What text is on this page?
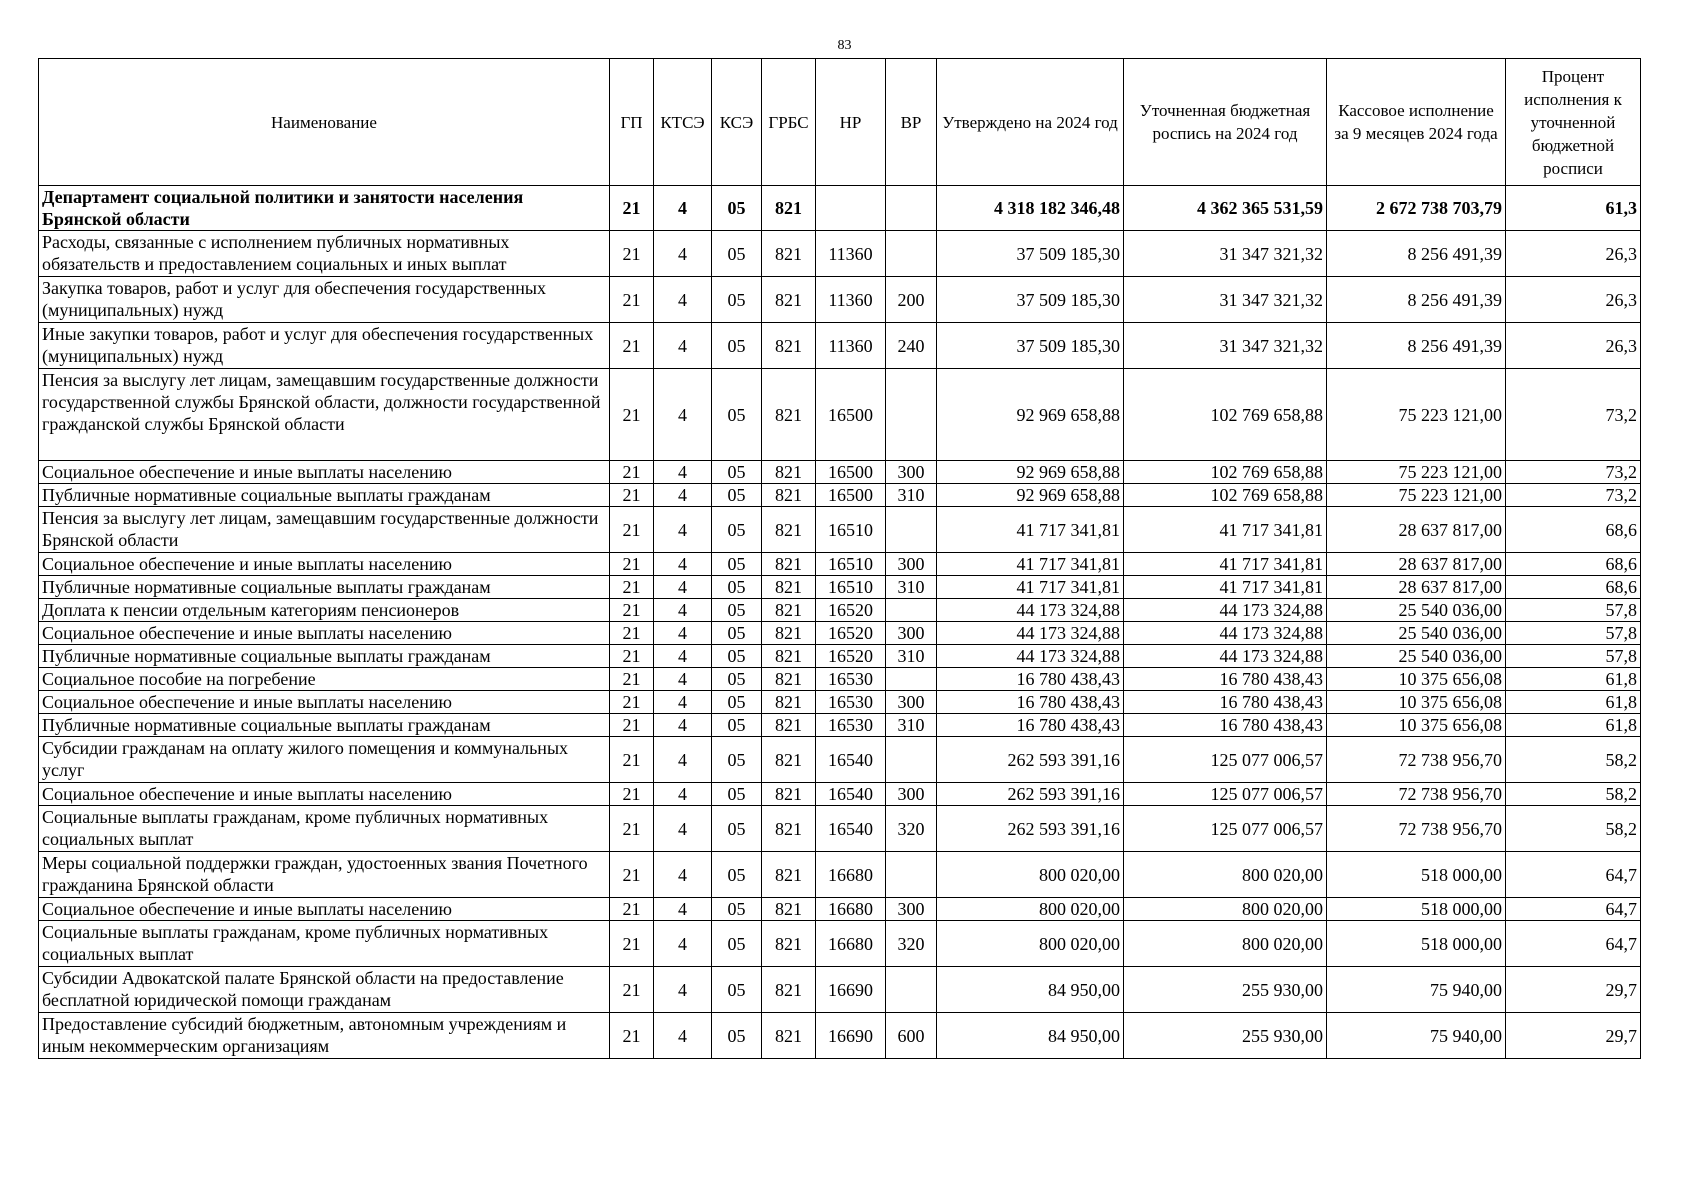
83
Наименование	ГП	КТСЭ	КСЭ	ГРБС	НР	ВР	Утверждено на 2024 год	Уточненная бюджетная роспись на 2024 год	Кассовое исполнение за 9 месяцев 2024 года	Процент исполнения к уточненной бюджетной росписи
Департамент социальной политики и занятости населения Брянской области	21	4	05	821			4 318 182 346,48	4 362 365 531,59	2 672 738 703,79	61,3
Расходы, связанные с исполнением публичных нормативных обязательств и предоставлением социальных и иных выплат	21	4	05	821	11360		37 509 185,30	31 347 321,32	8 256 491,39	26,3
Закупка товаров, работ и услуг для обеспечения государственных (муниципальных) нужд	21	4	05	821	11360	200	37 509 185,30	31 347 321,32	8 256 491,39	26,3
Иные закупки товаров, работ и услуг для обеспечения государственных (муниципальных) нужд	21	4	05	821	11360	240	37 509 185,30	31 347 321,32	8 256 491,39	26,3
Пенсия за выслугу лет лицам, замещавшим государственные должности государственной службы Брянской области, должности государственной гражданской службы Брянской области	21	4	05	821	16500		92 969 658,88	102 769 658,88	75 223 121,00	73,2
Социальное обеспечение и иные выплаты населению	21	4	05	821	16500	300	92 969 658,88	102 769 658,88	75 223 121,00	73,2
Публичные нормативные социальные выплаты гражданам	21	4	05	821	16500	310	92 969 658,88	102 769 658,88	75 223 121,00	73,2
Пенсия за выслугу лет лицам, замещавшим государственные должности Брянской области	21	4	05	821	16510		41 717 341,81	41 717 341,81	28 637 817,00	68,6
Социальное обеспечение и иные выплаты населению	21	4	05	821	16510	300	41 717 341,81	41 717 341,81	28 637 817,00	68,6
Публичные нормативные социальные выплаты гражданам	21	4	05	821	16510	310	41 717 341,81	41 717 341,81	28 637 817,00	68,6
Доплата к пенсии отдельным категориям пенсионеров	21	4	05	821	16520		44 173 324,88	44 173 324,88	25 540 036,00	57,8
Социальное обеспечение и иные выплаты населению	21	4	05	821	16520	300	44 173 324,88	44 173 324,88	25 540 036,00	57,8
Публичные нормативные социальные выплаты гражданам	21	4	05	821	16520	310	44 173 324,88	44 173 324,88	25 540 036,00	57,8
Социальное пособие на погребение	21	4	05	821	16530		16 780 438,43	16 780 438,43	10 375 656,08	61,8
Социальное обеспечение и иные выплаты населению	21	4	05	821	16530	300	16 780 438,43	16 780 438,43	10 375 656,08	61,8
Публичные нормативные социальные выплаты гражданам	21	4	05	821	16530	310	16 780 438,43	16 780 438,43	10 375 656,08	61,8
Субсидии гражданам на оплату жилого помещения и коммунальных услуг	21	4	05	821	16540		262 593 391,16	125 077 006,57	72 738 956,70	58,2
Социальное обеспечение и иные выплаты населению	21	4	05	821	16540	300	262 593 391,16	125 077 006,57	72 738 956,70	58,2
Социальные выплаты гражданам, кроме публичных нормативных социальных выплат	21	4	05	821	16540	320	262 593 391,16	125 077 006,57	72 738 956,70	58,2
Меры социальной поддержки граждан, удостоенных звания Почетного гражданина Брянской области	21	4	05	821	16680		800 020,00	800 020,00	518 000,00	64,7
Социальное обеспечение и иные выплаты населению	21	4	05	821	16680	300	800 020,00	800 020,00	518 000,00	64,7
Социальные выплаты гражданам, кроме публичных нормативных социальных выплат	21	4	05	821	16680	320	800 020,00	800 020,00	518 000,00	64,7
Субсидии Адвокатской палате Брянской области на предоставление бесплатной юридической помощи гражданам	21	4	05	821	16690		84 950,00	255 930,00	75 940,00	29,7
Предоставление субсидий бюджетным, автономным учреждениям и иным некоммерческим организациям	21	4	05	821	16690	600	84 950,00	255 930,00	75 940,00	29,7
